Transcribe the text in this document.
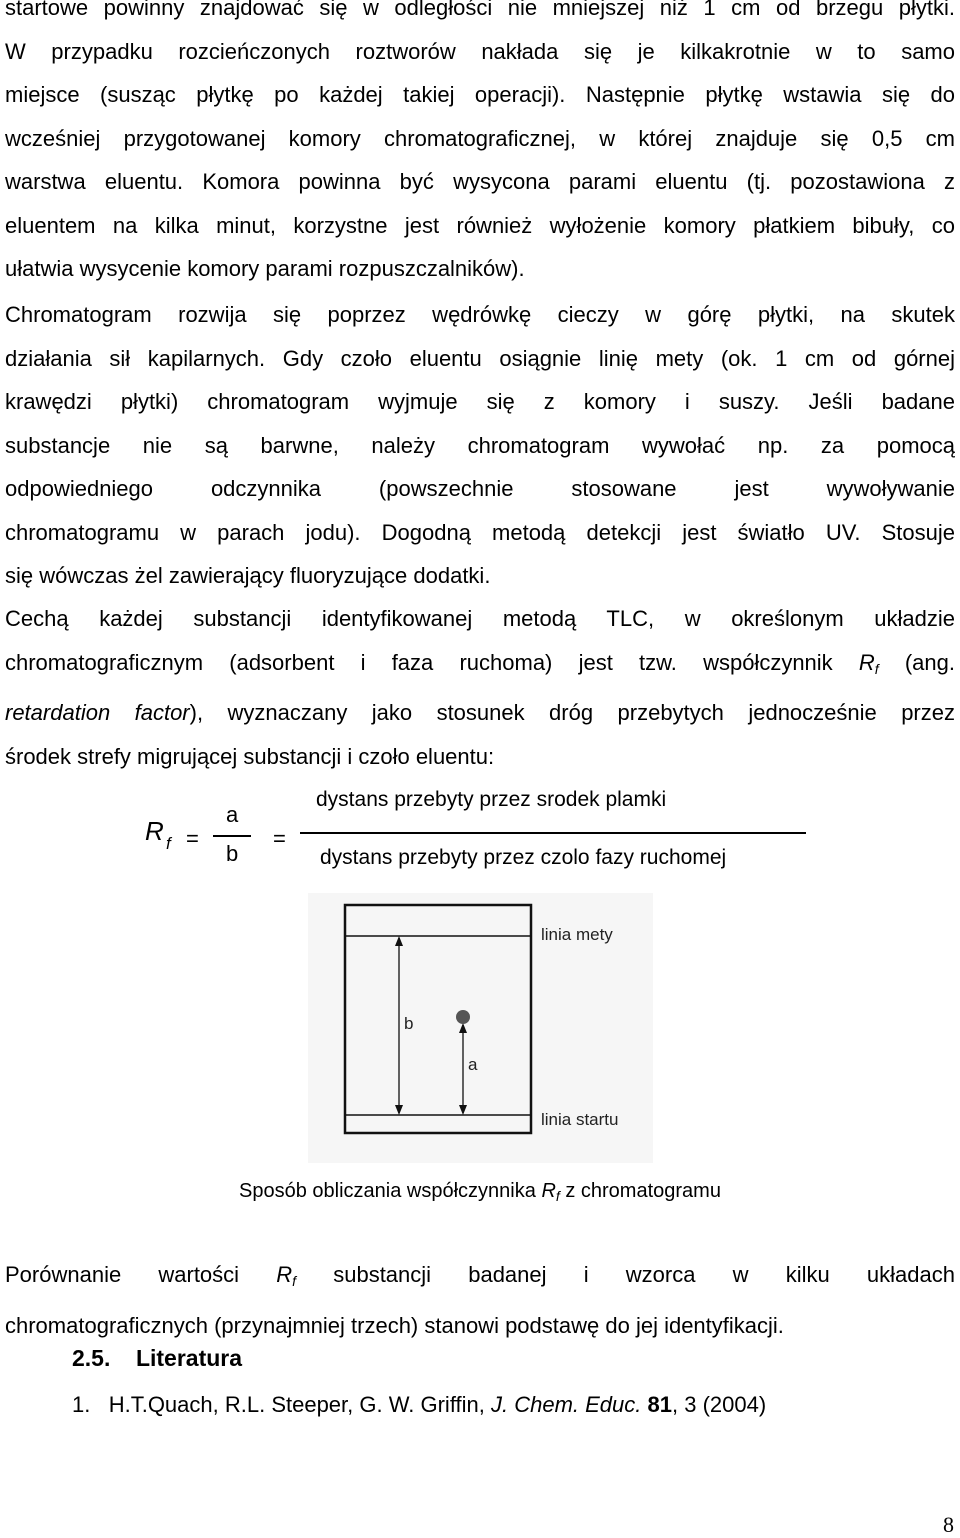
startowe powinny znajdować się w odległości nie mniejszej niż 1 cm od brzegu płytki.
W przypadku rozcieńczonych roztworów nakłada się je kilkakrotnie w to samo
miejsce (susząc płytkę po każdej takiej operacji). Następnie płytkę wstawia się do
wcześniej przygotowanej komory chromatograficznej, w której znajduje się 0,5 cm
warstwa eluentu. Komora powinna być wysycona parami eluentu (tj. pozostawiona z
eluentem na kilka minut, korzystne jest również wyłożenie komory płatkiem bibuły, co
ułatwia wysycenie komory parami rozpuszczalników).
Chromatogram rozwija się poprzez wędrówkę cieczy w górę płytki, na skutek
działania sił kapilarnych. Gdy czoło eluentu osiągnie linię mety (ok. 1 cm od górnej
krawędzi płytki) chromatogram wyjmuje się z komory i suszy. Jeśli badane
substancje nie są barwne, należy chromatogram wywołać np. za pomocą
odpowiedniego odczynnika (powszechnie stosowane jest wywoływanie
chromatogramu w parach jodu). Dogodną metodą detekcji jest światło UV. Stosuje
się wówczas żel zawierający fluoryzujące dodatki.
Cechą każdej substancji identyfikowanej metodą TLC, w określonym układzie
chromatograficznym (adsorbent i faza ruchoma) jest tzw. współczynnik $R_f$ (ang.
retardation factor), wyznaczany jako stosunek dróg przebytych jednocześnie przez
środek strefy migrującej substancji i czoło eluentu:
R f =
a
b
=
dystans przebyty przez srodek plamki
dystans przebyty przez czolo fazy ruchomej
linia mety
linia startu
b
a
Sposób obliczania współczynnika $R_f$ z chromatogramu
Porównanie wartości $R_f$ substancji badanej i wzorca w kilku układach
chromatograficznych (przynajmniej trzech) stanowi podstawę do jej identyfikacji.
2.5. Literatura
1. H.T.Quach, R.L. Steeper, G. W. Griffin, J. Chem. Educ. 81, 3 (2004)
8
